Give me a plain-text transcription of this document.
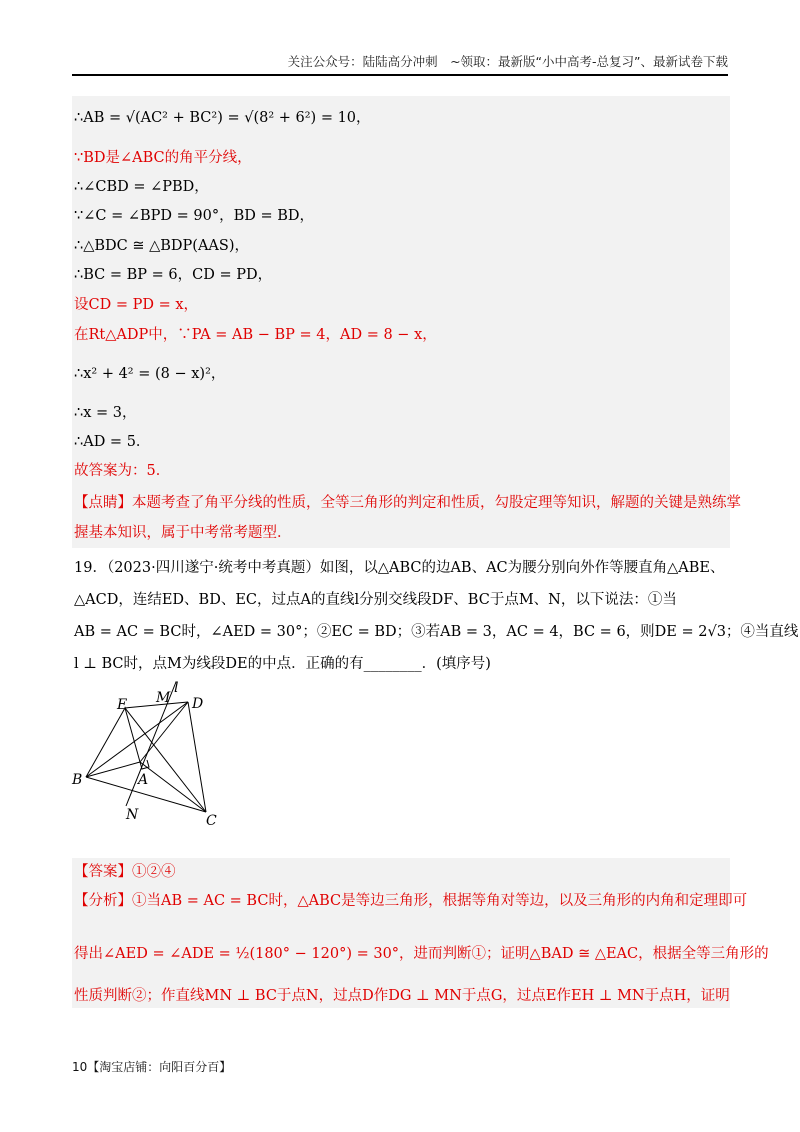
关注公众号：陆陆高分冲刺　~领取：最新版“小中高考-总复习”、最新试卷下载
∴AB = √(AC² + BC²) = √(8² + 6²) = 10，
∵BD是∠ABC的角平分线，
∴∠CBD = ∠PBD，
∵∠C = ∠BPD = 90°，BD = BD，
∴△BDC ≅ △BDP(AAS)，
∴BC = BP = 6，CD = PD，
设CD = PD = x，
在Rt△ADP中，∵PA = AB − BP = 4，AD = 8 − x，
∴x² + 4² = (8 − x)²，
∴x = 3，
∴AD = 5．
故答案为：5．
【点睛】本题考查了角平分线的性质，全等三角形的判定和性质，勾股定理等知识，解题的关键是熟练掌
握基本知识，属于中考常考题型．
19．（2023·四川遂宁·统考中考真题）如图，以△ABC的边AB、AC为腰分别向外作等腰直角△ABE、
△ACD，连结ED、BD、EC，过点A的直线l分别交线段DF、BC于点M、N，以下说法：①当
AB = AC = BC时，∠AED = 30°；②EC = BD；③若AB = 3，AC = 4，BC = 6，则DE = 2√3；④当直线
l ⊥ BC时，点M为线段DE的中点．正确的有________．(填序号)
E M
l
D
B	A
N	C
【答案】①②④
【分析】①当AB = AC = BC时，△ABC是等边三角形，根据等角对等边，以及三角形的内角和定理即可
得出∠AED = ∠ADE = ½(180° − 120°) = 30°，进而判断①；证明△BAD ≅ △EAC，根据全等三角形的
性质判断②；作直线MN ⊥ BC于点N，过点D作DG ⊥ MN于点G，过点E作EH ⊥ MN于点H，证明
10【淘宝店铺：向阳百分百】
